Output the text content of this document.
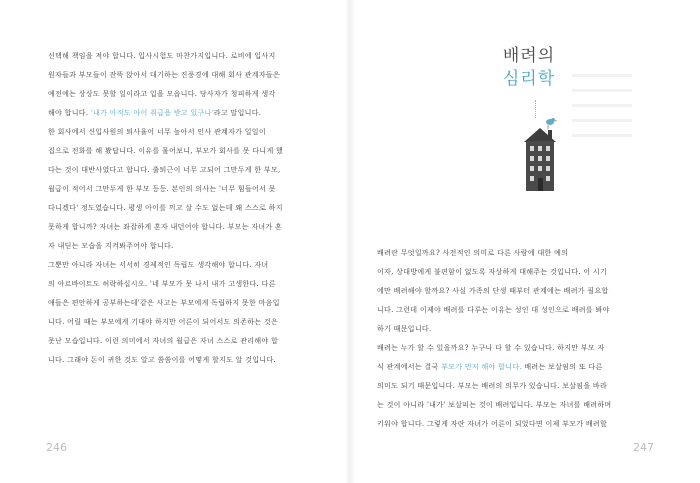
선택해 책임을 져야 합니다. 입사시험도 마찬가지입니다. 로비에 입사지
원자들과 부모들이 잔뜩 앉아서 대기하는 진풍경에 대해 회사 관계자들은
예전에는 상상도 못할 일이라고 입을 모읍니다. 당사자가 청피하게 생각
해야 합니다. '내가 아직도 아이 취급을 받고 있구나'라고 말입니다.
한 회사에서 신입사원의 퇴사율이 너무 높아서 인사 관계자가 일일이
집으로 전화를 해 봤답니다. 이유를 물어보니, 부모가 회사를 못 다니게 했
다는 것이 대반사였다고 합니다. 출퇴근이 너무 고되어 그만두게 한 부모,
월급이 적어서 그만두게 한 부모 등등. 본인의 의사는 '너무 힘들어서 못
다니겠다' 정도였습니다. 평생 아이를 끼고 살 수도 없는데 왜 스스로 하지
못하게 합니까? 자녀는 좌잡하게 혼자 내던어야 합니다. 부모는 자녀가 혼
자 내딛는 모습을 지켜봐주어야 합니다.
그뿐만 아니라 자녀는 서서히 경제적인 독립도 생각해야 합니다. 자녀
의 아르바이트도 허락하십시오. '네 부모가 못 나서 내가 고생한다. 다른
애들은 편안하게 공부하는데'같은 사고는 부모에게 독립하지 못한 마음입
니다. 어릴 때는 부모에게 기대야 하지만 어른이 되어서도 의존하는 것은
못난 모습입니다. 이런 의미에서 자녀의 월급은 자녀 스스로 관리해야 합
니다. 그래야 돈이 귀한 것도 알고 씀씀이를 어떻게 할지도 알 것입니다.
246
배려의
심리학
배려란 무엇일까요? 사전적인 의미로 다른 사람에 대한 예의
이자, 상대방에게 불편함이 없도록 자상하게 대해주는 것입니다. 이 시기
에만 배려해야 할까요? 사실 가족의 단생 때부터 관계에는 배려가 필요합
니다. 그런데 이제야 배려를 다루는 이유는 성인 대 성인으로 배려를 봐야
하기 때문입니다.
배려는 누가 할 수 있을까요? 누구나 다 할 수 있습니다. 하지만 부모 자
식 관계에서는 결국 부모가 먼저 해야 합니다. 배려는 보살핌의 또 다른
의미도 되기 때문입니다. 부모는 배려의 의무가 있습니다. 보살핌을 바라
는 것이 아니라 '내가' 보살피는 것이 배려입니다. 부모는 자녀를 배려하며
키워야 합니다. 그렇게 자란 자녀가 어른이 되었다면 이제 부모가 배려할
247
